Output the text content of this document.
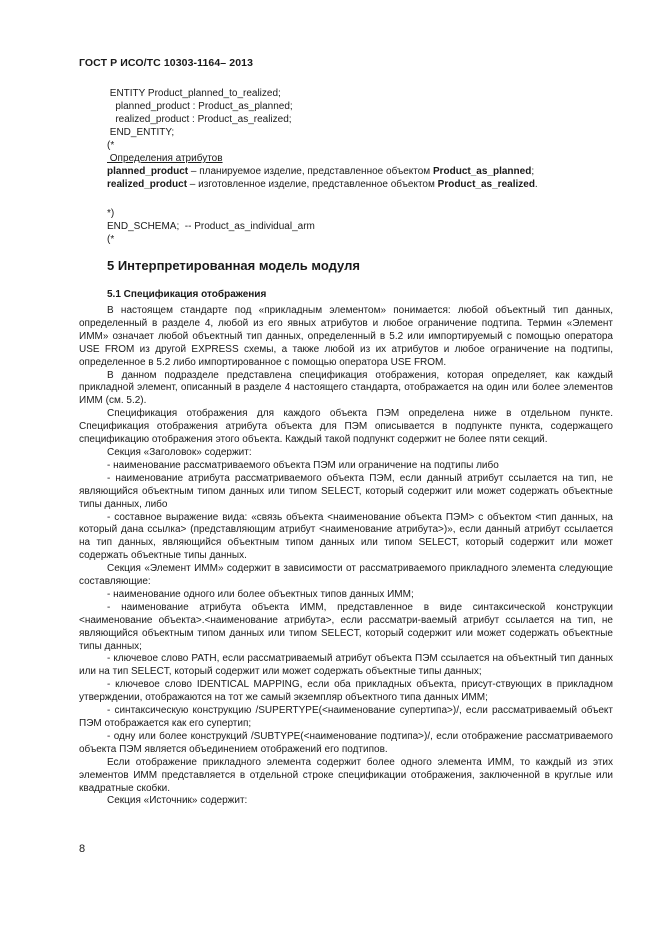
ГОСТ Р ИСО/ТС 10303-1164– 2013
ENTITY Product_planned_to_realized;
planned_product : Product_as_planned;
realized_product : Product_as_realized;
END_ENTITY;
(*
Определения атрибутов
planned_product – планируемое изделие, представленное объектом Product_as_planned;
realized_product – изготовленное изделие, представленное объектом Product_as_realized.
*)
END_SCHEMA;  -- Product_as_individual_arm
(*
5 Интерпретированная модель модуля
5.1 Спецификация отображения

В настоящем стандарте под «прикладным элементом» понимается: любой объектный тип данных, определенный в разделе 4, любой из его явных атрибутов и любое ограничение подтипа. Термин «Элемент ИММ» означает любой объектный тип данных, определенный в 5.2 или импортируемый с помощью оператора USE FROM из другой EXPRESS схемы, а также любой из их атрибутов и любое ограничение на подтипы, определенное в 5.2 либо импортированное с помощью оператора USE FROM.

В данном подразделе представлена спецификация отображения, которая определяет, как каждый прикладной элемент, описанный в разделе 4 настоящего стандарта, отображается на один или более элементов ИММ (см. 5.2).

Спецификация отображения для каждого объекта ПЭМ определена ниже в отдельном пункте. Спецификация отображения атрибута объекта для ПЭМ описывается в подпункте пункта, содержащего спецификацию отображения этого объекта. Каждый такой подпункт содержит не более пяти секций.

Секция «Заголовок» содержит:

- наименование рассматриваемого объекта ПЭМ или ограничение на подтипы либо

- наименование атрибута рассматриваемого объекта ПЭМ, если данный атрибут ссылается на тип, не являющийся объектным типом данных или типом SELECT, который содержит или может содержать объектные типы данных, либо

- составное выражение вида: «связь объекта <наименование объекта ПЭМ> с объектом <тип данных, на который дана ссылка> (представляющим атрибут <наименование атрибута>)», если данный атрибут ссылается на тип данных, являющийся объектным типом данных или типом SELECT, который содержит или может содержать объектные типы данных.

Секция «Элемент ИММ» содержит в зависимости от рассматриваемого прикладного элемента следующие составляющие:

- наименование одного или более объектных типов данных ИММ;

- наименование атрибута объекта ИММ, представленное в виде синтаксической конструкции <наименование объекта>.<наименование атрибута>, если рассматри-ваемый атрибут ссылается на тип, не являющийся объектным типом данных или типом SELECT, который содержит или может содержать объектные типы данных;

- ключевое слово PATH, если рассматриваемый атрибут объекта ПЭМ ссылается на объектный тип данных или на тип SELECT, который содержит или может содержать объектные типы данных;

- ключевое слово IDENTICAL MAPPING, если оба прикладных объекта, присут-ствующих в прикладном утверждении, отображаются на тот же самый экземпляр объектного типа данных ИММ;

- синтаксическую конструкцию /SUPERTYPE(<наименование супертипа>)/, если рассматриваемый объект ПЭМ отображается как его супертип;

- одну или более конструкций /SUBTYPE(<наименование подтипа>)/, если отображение рассматриваемого объекта ПЭМ является объединением отображений его подтипов.

Если отображение прикладного элемента содержит более одного элемента ИММ, то каждый из этих элементов ИММ представляется в отдельной строке спецификации отображения, заключенной в круглые или квадратные скобки.

Секция «Источник» содержит:

8
